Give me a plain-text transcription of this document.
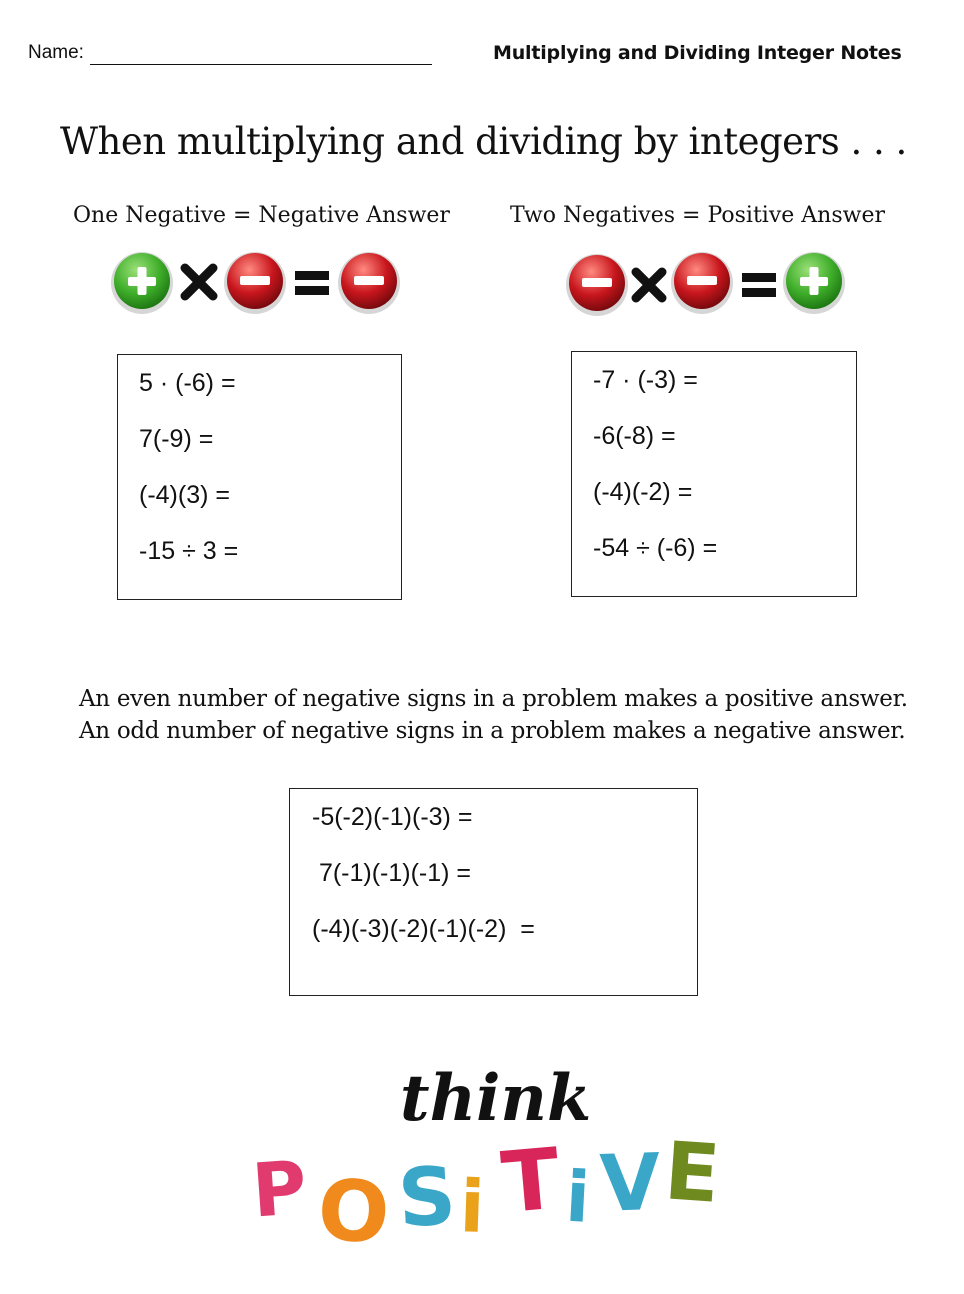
Name:	Multiplying and Dividing Integer Notes
When multiplying and dividing by integers . . .
One Negative = Negative Answer	Two Negatives = Positive Answer
5 · (-6) =
7(-9) =
(-4)(3) =
-15 ÷ 3 =
-7 · (-3) =
-6(-8) =
(-4)(-2) =
-54 ÷ (-6) =
An even number of negative signs in a problem makes a positive answer.
An odd number of negative signs in a problem makes a negative answer.
-5(-2)(-1)(-3) =
7(-1)(-1)(-1) =
(-4)(-3)(-2)(-1)(-2)  =
think
P O S i T i V E
